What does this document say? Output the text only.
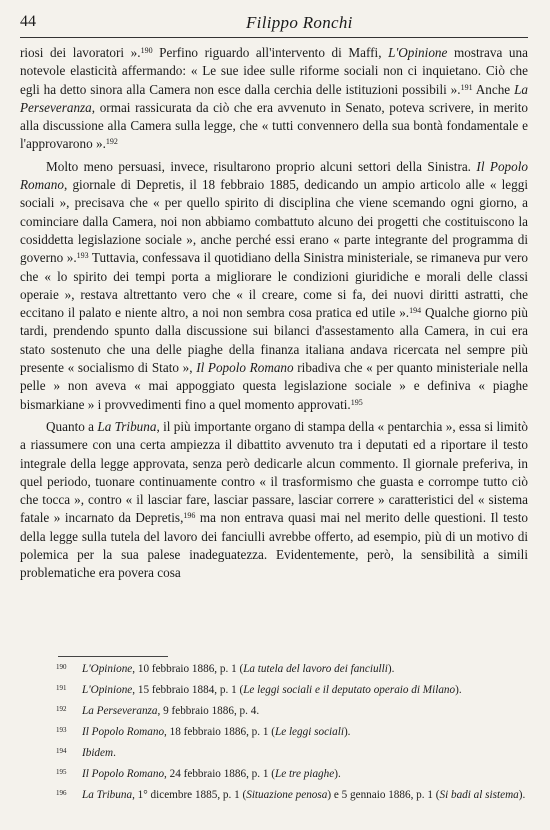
44	Filippo Ronchi

riosi dei lavoratori ».$^{190}$ Perfino riguardo all'intervento di Maffi, L'Opinione mostrava una notevole elasticità affermando: « Le sue idee sulle riforme sociali non ci inquietano. Ciò che egli ha detto sinora alla Camera non esce dalla cerchia delle istituzioni possibili ».$^{191}$ Anche La Perseveranza, ormai rassicurata da ciò che era avvenuto in Senato, poteva scrivere, in merito alla discussione alla Camera sulla legge, che « tutti convennero della sua bontà fondamentale e l'approvarono ».$^{192}$

Molto meno persuasi, invece, risultarono proprio alcuni settori della Sinistra. Il Popolo Romano, giornale di Depretis, il 18 febbraio 1885, dedicando un ampio articolo alle « leggi sociali », precisava che « per quello spirito di disciplina che viene scemando ogni giorno, a cominciare dalla Camera, noi non abbiamo combattuto alcuno dei progetti che costituiscono la cosiddetta legislazione sociale », anche perché essi erano « parte integrante del programma di governo ».$^{193}$ Tuttavia, confessava il quotidiano della Sinistra ministeriale, se rimaneva pur vero che « lo spirito dei tempi porta a migliorare le condizioni giuridiche e morali delle classi operaie », restava altrettanto vero che « il creare, come si fa, dei nuovi diritti astratti, che eccitano il palato e niente altro, a noi non sembra cosa pratica ed utile ».$^{194}$ Qualche giorno più tardi, prendendo spunto dalla discussione sui bilanci d'assestamento alla Camera, in cui era stato sostenuto che una delle piaghe della finanza italiana andava ricercata nel sempre più presente « socialismo di Stato », Il Popolo Romano ribadiva che « per quanto ministeriale nella pelle » non aveva « mai appoggiato questa legislazione sociale » e definiva « piaghe bismarkiane » i provvedimenti fino a quel momento approvati.$^{195}$

Quanto a La Tribuna, il più importante organo di stampa della « pentarchia », essa si limitò a riassumere con una certa ampiezza il dibattito avvenuto tra i deputati ed a riportare il testo integrale della legge approvata, senza però dedicarle alcun commento. Il giornale preferiva, in quel periodo, tuonare continuamente contro « il trasformismo che guasta e corrompe tutto ciò che tocca », contro « il lasciar fare, lasciar passare, lasciar correre » caratteristici del « sistema fatale » incarnato da Depretis,$^{196}$ ma non entrava quasi mai nel merito delle questioni. Il testo della legge sulla tutela del lavoro dei fanciulli avrebbe offerto, ad esempio, più di un motivo di polemica per la sua palese inadeguatezza. Evidentemente, però, la sensibilità a simili problematiche era povera cosa

$^{190}$ L'Opinione, 10 febbraio 1886, p. 1 (La tutela del lavoro dei fanciulli).

$^{191}$ L'Opinione, 15 febbraio 1884, p. 1 (Le leggi sociali e il deputato operaio di Milano).

$^{192}$ La Perseveranza, 9 febbraio 1886, p. 4.

$^{193}$ Il Popolo Romano, 18 febbraio 1886, p. 1 (Le leggi sociali).

$^{194}$ Ibidem.

$^{195}$ Il Popolo Romano, 24 febbraio 1886, p. 1 (Le tre piaghe).

$^{196}$ La Tribuna, 1° dicembre 1885, p. 1 (Situazione penosa) e 5 gennaio 1886, p. 1 (Si badi al sistema).
